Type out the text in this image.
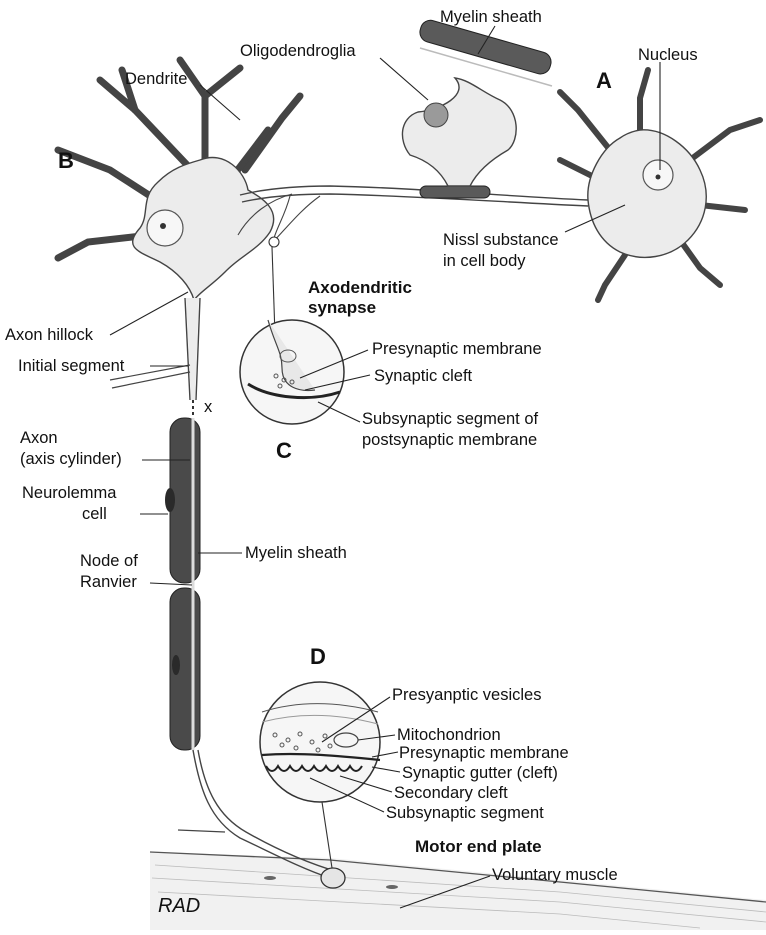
A
B
C
D
Myelin sheath
Oligodendroglia	Nucleus
Dendrite
Nissl substance
in cell body
Axodendritic
synapse
Axon hillock
Presynaptic membrane
Initial segment
Synaptic cleft
x
Subsynaptic segment of
postsynaptic membrane
Axon
(axis cylinder)
Neurolemma
cell
Node of
Ranvier
Myelin sheath
Presyanptic vesicles
Mitochondrion
Presynaptic membrane
Synaptic gutter (cleft)
Secondary cleft
Subsynaptic segment
Motor end plate
Voluntary muscle
RAD
